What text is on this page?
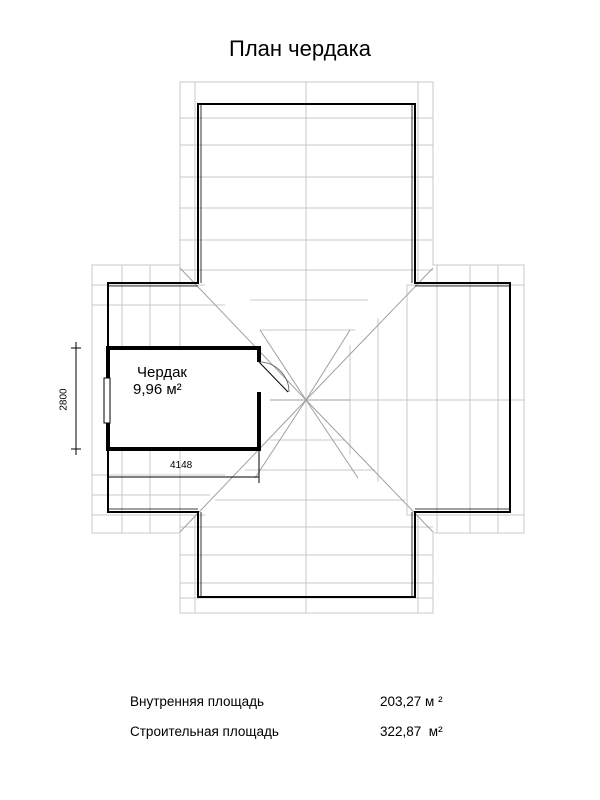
План чердака
Чердак
9,96 м²
2800
4148
Внутренняя площадь	203,27 м ²
Строительная площадь	322,87  м²
